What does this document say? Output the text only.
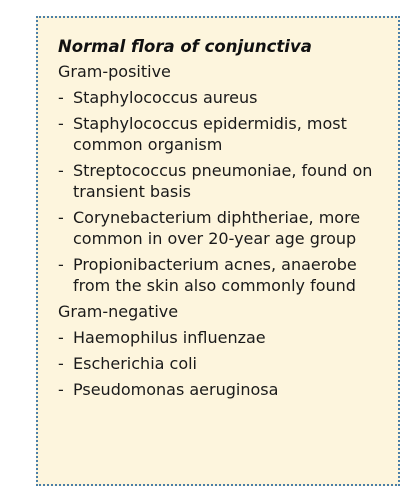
Normal flora of conjunctiva
Gram-positive
- Staphylococcus aureus
- Staphylococcus epidermidis, most common organism
- Streptococcus pneumoniae, found on transient basis
- Corynebacterium diphtheriae, more common in over 20-year age group
- Propionibacterium acnes, anaerobe from the skin also commonly found
Gram-negative
- Haemophilus influenzae
- Escherichia coli
- Pseudomonas aeruginosa
